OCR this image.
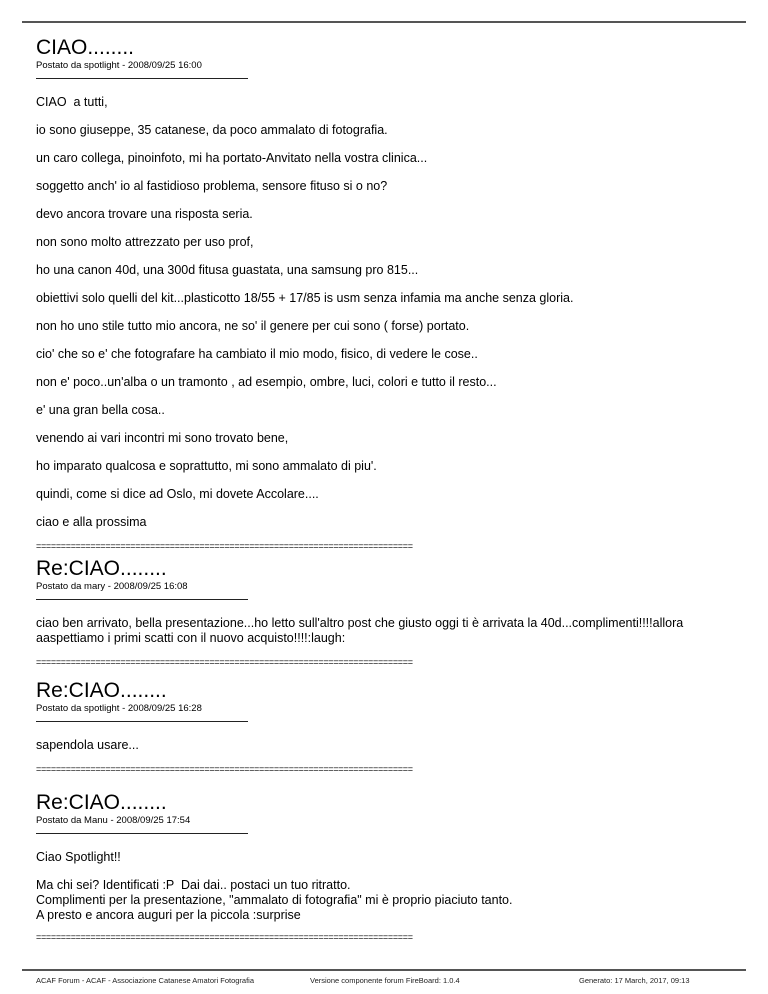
CIAO........
Postato da spotlight - 2008/09/25 16:00

CIAO  a tutti,

io sono giuseppe, 35 catanese, da poco ammalato di fotografia.

un caro collega, pinoinfoto, mi ha portato-Anvitato nella vostra clinica...

soggetto anch' io al fastidioso problema, sensore fituso si o no?

devo ancora trovare una risposta seria.

non sono molto attrezzato per uso prof,

ho una canon 40d, una 300d fitusa guastata, una samsung pro 815...

obiettivi solo quelli del kit...plasticotto 18/55 + 17/85 is usm senza infamia ma anche senza gloria.

non ho uno stile tutto mio ancora, ne so' il genere per cui sono ( forse) portato.

cio' che so e' che fotografare ha cambiato il mio modo, fisico, di vedere le cose..

non e' poco..un'alba o un tramonto , ad esempio, ombre, luci, colori e tutto il resto...

e' una gran bella cosa..

venendo ai vari incontri mi sono trovato bene,

ho imparato qualcosa e soprattutto, mi sono ammalato di piu'.

quindi, come si dice ad Oslo, mi dovete Accolare....

ciao e alla prossima

============================================================================
Re:CIAO........
Postato da mary - 2008/09/25 16:08

ciao ben arrivato, bella presentazione...ho letto sull'altro post che giusto oggi ti è arrivata la 40d...complimenti!!!!allora
aaspettiamo i primi scatti con il nuovo acquisto!!!!:laugh:

============================================================================
Re:CIAO........
Postato da spotlight - 2008/09/25 16:28

sapendola usare...

============================================================================
Re:CIAO........
Postato da Manu - 2008/09/25 17:54

Ciao Spotlight!!

Ma chi sei? Identificati :P  Dai dai.. postaci un tuo ritratto.
Complimenti per la presentazione, "ammalato di fotografia" mi è proprio piaciuto tanto.
A presto e ancora auguri per la piccola :surprise

============================================================================
ACAF Forum - ACAF - Associazione Catanese Amatori Fotografia	Versione componente forum FireBoard: 1.0.4	Generato: 17 March, 2017, 09:13
